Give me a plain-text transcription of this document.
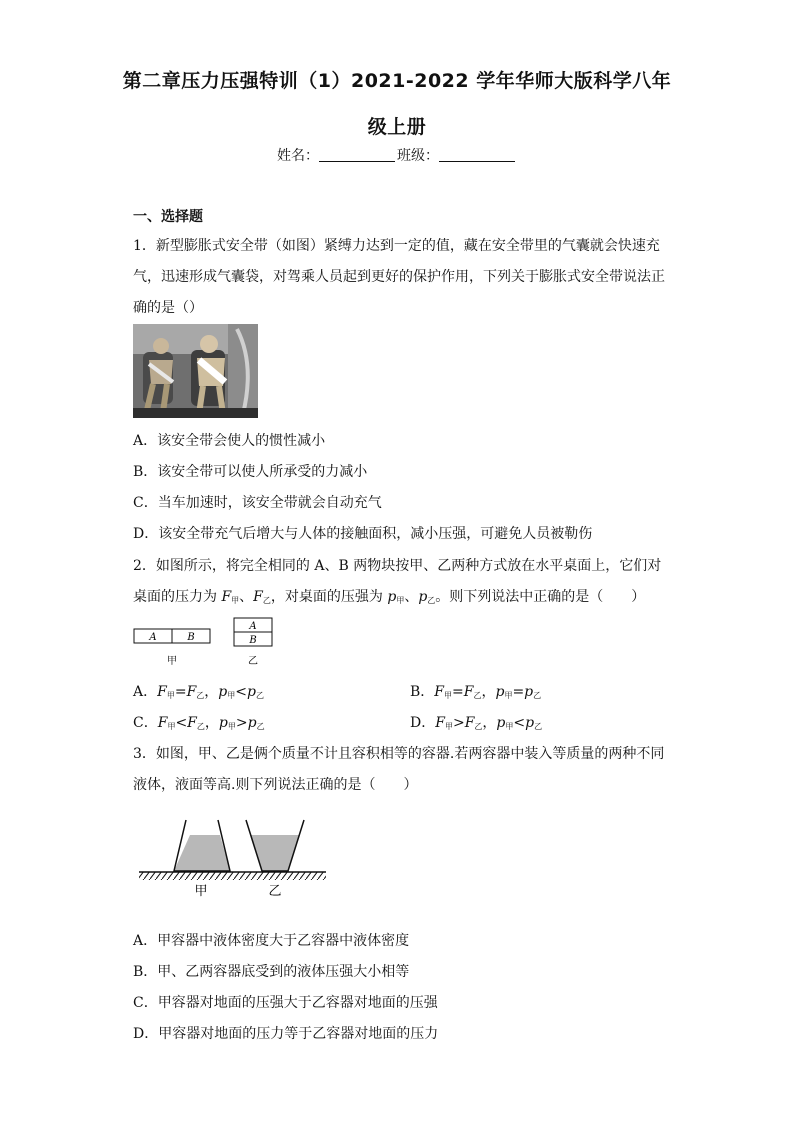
第二章压力压强特训（1）2021-2022 学年华师大版科学八年
级上册
姓名：	班级：
一、选择题
1．新型膨胀式安全带（如图）紧缚力达到一定的值，藏在安全带里的气囊就会快速充
气，迅速形成气囊袋，对驾乘人员起到更好的保护作用，下列关于膨胀式安全带说法正
确的是（）
A．该安全带会使人的惯性减小
B．该安全带可以使人所承受的力减小
C．当车加速时，该安全带就会自动充气
D．该安全带充气后增大与人体的接触面积，减小压强，可避免人员被勒伤
2．如图所示，将完全相同的 A、B 两物块按甲、乙两种方式放在水平桌面上，它们对
桌面的压力为 $F_甲$、$F_乙$，对桌面的压强为 $p_甲$、$p_乙$。则下列说法中正确的是（　　）
A	B
甲
A
B
乙
A．$F_甲=F_乙$，$p_甲<p_乙$	B．$F_甲=F_乙$，$p_甲=p_乙$
C．$F_甲<F_乙$，$p_甲>p_乙$	D．$F_甲>F_乙$，$p_甲<p_乙$
3．如图，甲、乙是俩个质量不计且容积相等的容器.若两容器中装入等质量的两种不同
液体，液面等高.则下列说法正确的是（　　）
甲	乙
A．甲容器中液体密度大于乙容器中液体密度
B．甲、乙两容器底受到的液体压强大小相等
C．甲容器对地面的压强大于乙容器对地面的压强
D．甲容器对地面的压力等于乙容器对地面的压力
